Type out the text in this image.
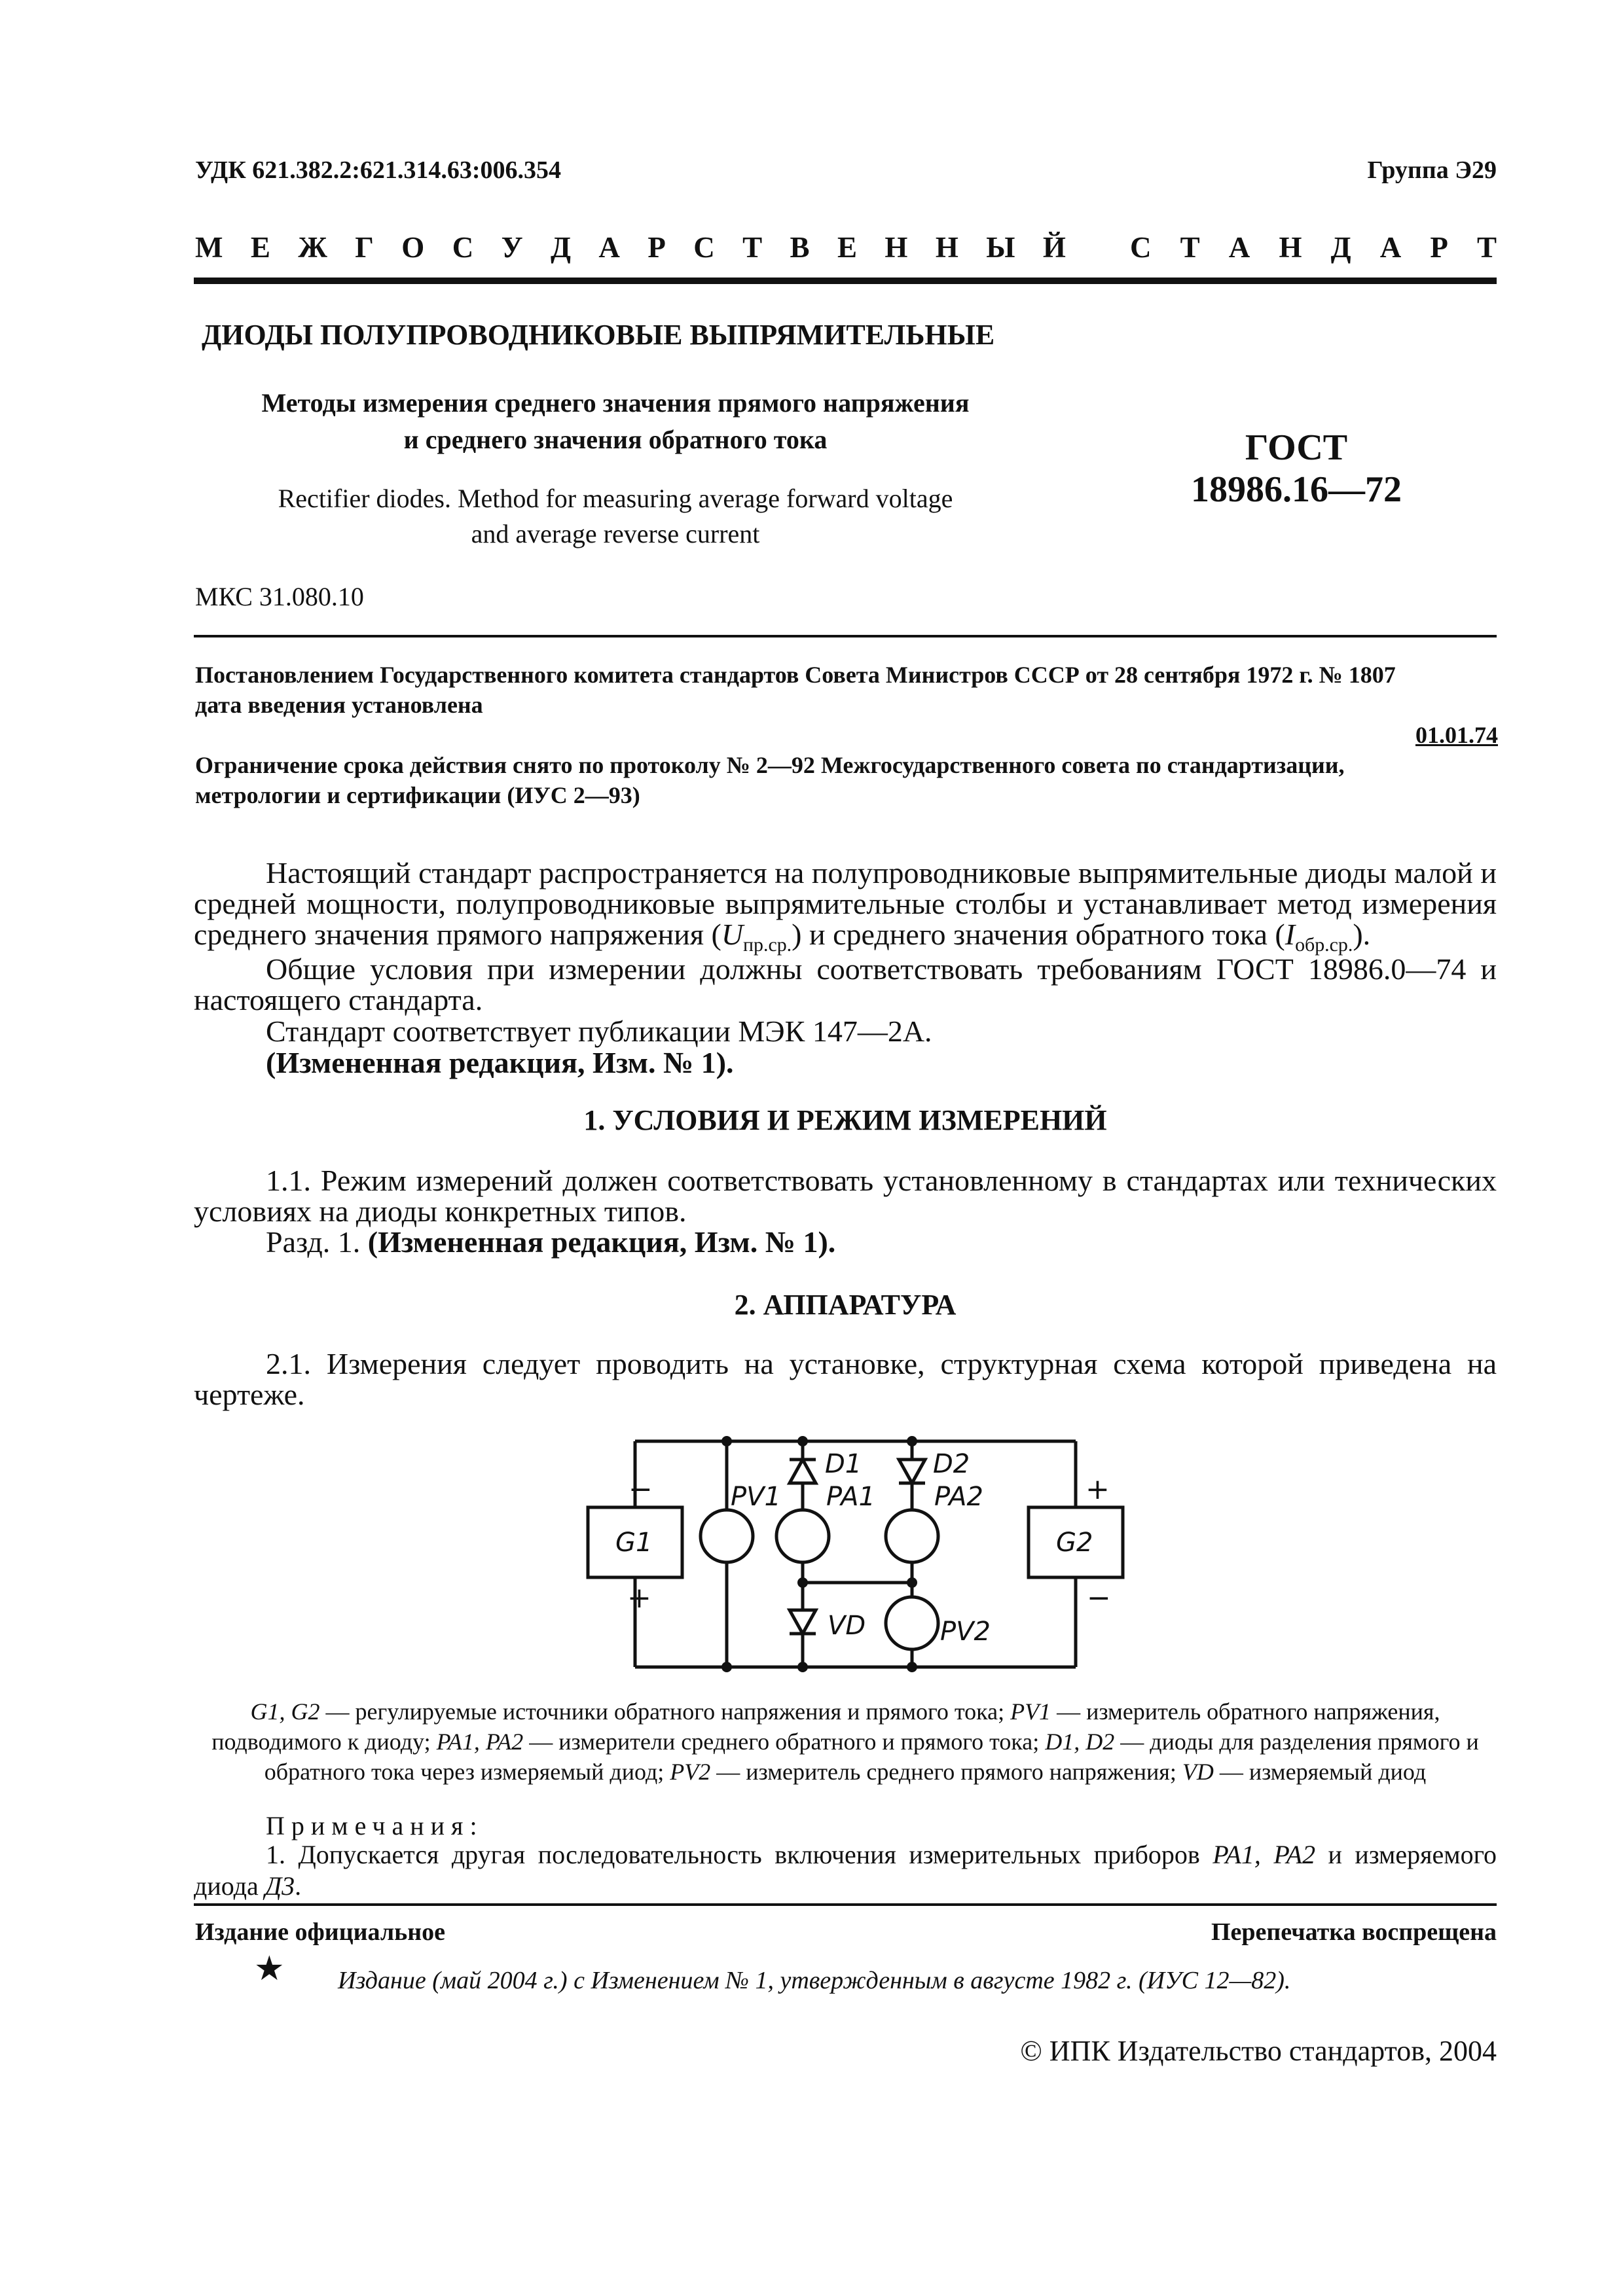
УДК 621.382.2:621.314.63:006.354	Группа Э29
М Е Ж Г О С У Д А Р С Т В Е Н Н Ы Й С Т А Н Д А Р Т
ДИОДЫ ПОЛУПРОВОДНИКОВЫЕ ВЫПРЯМИТЕЛЬНЫЕ
Методы измерения среднего значения прямого напряжения
и среднего значения обратного тока
Rectifier diodes. Method for measuring average forward voltage
and average reverse current
ГОСТ
18986.16—72
МКС 31.080.10
Постановлением Государственного комитета стандартов Совета Министров СССР от 28 сентября 1972 г. № 1807
дата введения установлена
01.01.74
Ограничение срока действия снято по протоколу № 2—92 Межгосударственного совета по стандартизации,
метрологии и сертификации (ИУС 2—93)

Настоящий стандарт распространяется на полупроводниковые выпрямительные диоды малой и средней мощности, полупроводниковые выпрямительные столбы и устанавливает метод измерения среднего значения прямого напряжения $(U_{пр.ср.})$ и среднего значения обратного тока $(I_{обр.ср.})$.

Общие условия при измерении должны соответствовать требованиям ГОСТ 18986.0—74 и настоящего стандарта.

Стандарт соответствует публикации МЭК 147—2А.

(Измененная редакция, Изм. № 1).

1. УСЛОВИЯ И РЕЖИМ ИЗМЕРЕНИЙ

1.1. Режим измерений должен соответствовать установленному в стандартах или технических условиях на диоды конкретных типов.

Разд. 1. (Измененная редакция, Изм. № 1).

2. АППАРАТУРА

2.1. Измерения следует проводить на установке, структурная схема которой приведена на чертеже.

G1	G2
PV1
D1
PA1
D2
PA2
VD	PV2
−
+
+
−

G1, G2 — регулируемые источники обратного напряжения и прямого тока; PV1 — измеритель обратного напряжения, подводимого к диоду; PA1, PA2 — измерители среднего обратного и прямого тока; D1, D2 — диоды для разделения прямого и обратного тока через измеряемый диод; PV2 — измеритель среднего прямого напряжения; VD — измеряемый диод

Примечания:

1. Допускается другая последовательность включения измерительных приборов PA1, PA2 и измеряемого диода Д3.

Издание официальное	Перепечатка воспрещена
★ Издание (май 2004 г.) с Изменением № 1, утвержденным в августе 1982 г. (ИУС 12—82).
© ИПК Издательство стандартов, 2004
